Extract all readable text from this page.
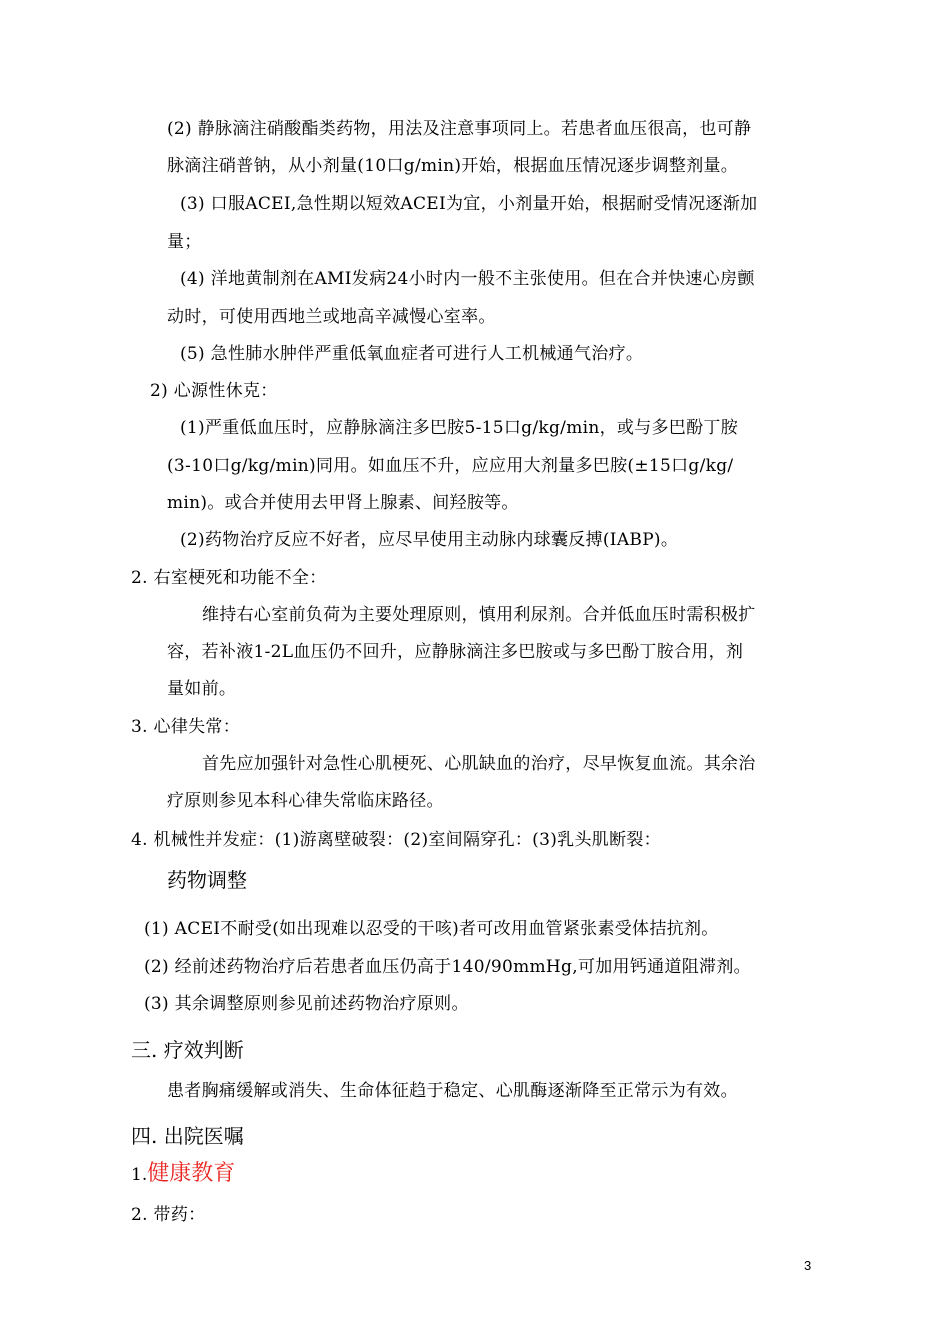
(2) 静脉滴注硝酸酯类药物，用法及注意事项同上。若患者血压很高，也可静
脉滴注硝普钠，从小剂量(10口g/min)开始，根据血压情况逐步调整剂量。
(3) 口服ACEI,急性期以短效ACEI为宜，小剂量开始，根据耐受情况逐渐加
量；
(4) 洋地黄制剂在AMI发病24小时内一般不主张使用。但在合并快速心房颤
动时，可使用西地兰或地高辛减慢心室率。
(5) 急性肺水肿伴严重低氧血症者可进行人工机械通气治疗。
2) 心源性休克：
(1)严重低血压时，应静脉滴注多巴胺5-15口g/kg/min，或与多巴酚丁胺
(3-10口g/kg/min)同用。如血压不升，应应用大剂量多巴胺(±15口g/kg/
min)。或合并使用去甲肾上腺素、间羟胺等。
(2)药物治疗反应不好者，应尽早使用主动脉内球囊反搏(IABP)。
2. 右室梗死和功能不全：
维持右心室前负荷为主要处理原则，慎用利尿剂。合并低血压时需积极扩
容，若补液1-2L血压仍不回升，应静脉滴注多巴胺或与多巴酚丁胺合用，剂
量如前。
3. 心律失常：
首先应加强针对急性心肌梗死、心肌缺血的治疗，尽早恢复血流。其余治
疗原则参见本科心律失常临床路径。
4. 机械性并发症：(1)游离壁破裂：(2)室间隔穿孔：(3)乳头肌断裂：
药物调整
(1) ACEI不耐受(如出现难以忍受的干咳)者可改用血管紧张素受体拮抗剂。
(2) 经前述药物治疗后若患者血压仍高于140/90mmHg,可加用钙通道阻滞剂。
(3) 其余调整原则参见前述药物治疗原则。
三. 疗效判断
患者胸痛缓解或消失、生命体征趋于稳定、心肌酶逐渐降至正常示为有效。
四. 出院医嘱
1.健康教育
2. 带药：
3
